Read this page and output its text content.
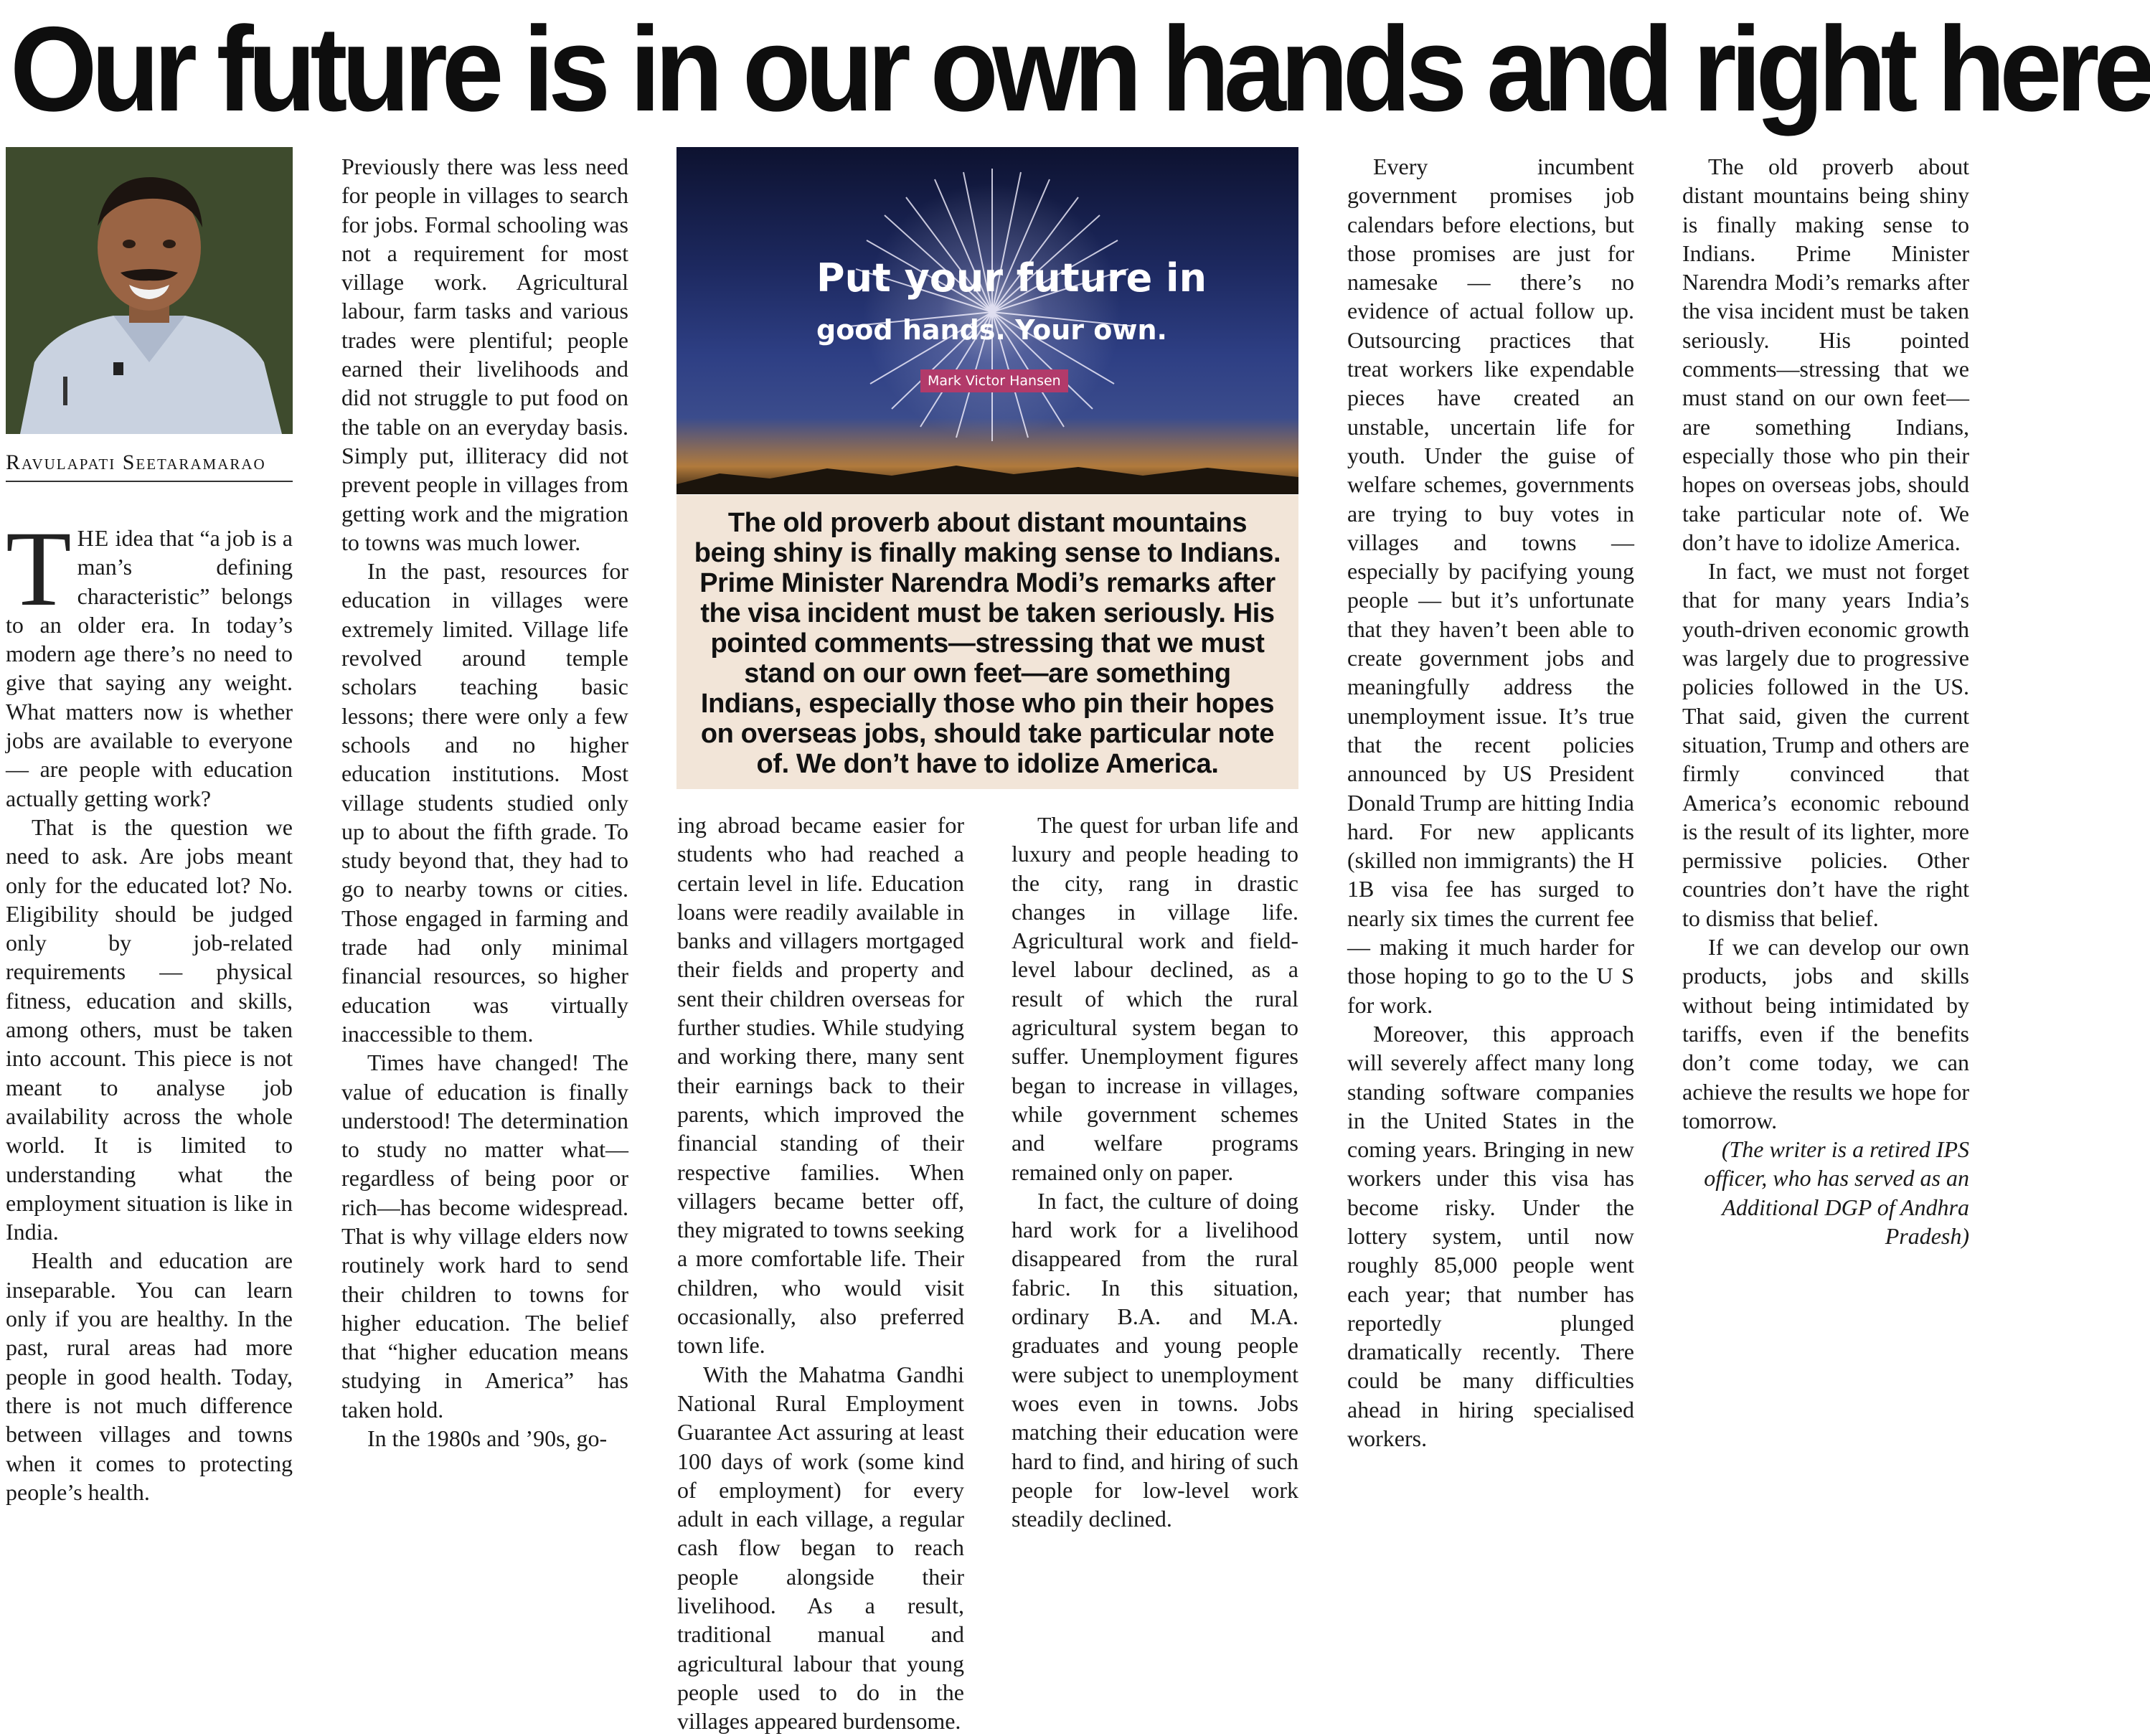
Our future is in our own hands and right here
Ravulapati Seetaramarao
Put your future in
good hands. Your own.
Mark Victor Hansen
The old proverb about distant mountains being shiny is finally making sense to Indians. Prime Minister Narendra Modi’s remarks after the visa incident must be taken seriously. His pointed comments—stressing that we must stand on our own feet—are something Indians, especially those who pin their hopes on overseas jobs, should take particular note of. We don’t have to idolize America.

THE idea that “a job is a man’s defining characteristic” belongs to an older era. In today’s modern age there’s no need to give that saying any weight. What matters now is whether jobs are available to everyone — are people with education actually getting work?

That is the question we need to ask. Are jobs meant only for the educated lot? No. Eligibility should be judged only by job-related requirements — physical fitness, education and skills, among others, must be taken into account. This piece is not meant to analyse job availability across the whole world. It is limited to understanding what the employment situation is like in India.

Health and education are inseparable. You can learn only if you are healthy. In the past, rural areas had more people in good health. Today, there is not much difference between villages and towns when it comes to protecting people’s health.

Previously there was less need for people in villages to search for jobs. Formal schooling was not a requirement for most village work. Agricultural labour, farm tasks and various trades were plentiful; people earned their livelihoods and did not struggle to put food on the table on an everyday basis. Simply put, illiteracy did not prevent people in villages from getting work and the migration to towns was much lower.

In the past, resources for education in villages were extremely limited. Village life revolved around temple scholars teaching basic lessons; there were only a few schools and no higher education institutions. Most village students studied only up to about the fifth grade. To study beyond that, they had to go to nearby towns or cities. Those engaged in farming and trade had only minimal financial resources, so higher education was virtually inaccessible to them.

Times have changed! The value of education is finally understood! The determination to study no matter what—regardless of being poor or rich—has become widespread. That is why village elders now routinely work hard to send their children to towns for higher education. The belief that “higher education means studying in America” has taken hold.

In the 1980s and ’90s, go-

ing abroad became easier for students who had reached a certain level in life. Education loans were readily available in banks and villagers mortgaged their fields and property and sent their children overseas for further studies. While studying and working there, many sent their earnings back to their parents, which improved the financial standing of their respective families. When villagers became better off, they migrated to towns seeking a more comfortable life. Their children, who would visit occasionally, also preferred town life.

With the Mahatma Gandhi National Rural Employment Guarantee Act assuring at least 100 days of work (some kind of employment) for every adult in each village, a regular cash flow began to reach people alongside their livelihood. As a result, traditional manual and agricultural labour that young people used to do in the villages appeared burdensome.

The quest for urban life and luxury and people heading to the city, rang in drastic changes in village life. Agricultural work and field-level labour declined, as a result of which the rural agricultural system began to suffer. Unemployment figures began to increase in villages, while government schemes and welfare programs remained only on paper.

In fact, the culture of doing hard work for a livelihood disappeared from the rural fabric. In this situation, ordinary B.A. and M.A. graduates and young people were subject to unemployment woes even in towns. Jobs matching their education were hard to find, and hiring of such people for low-level work steadily declined.

Every incumbent government promises job calendars before elections, but those promises are just for namesake — there’s no evidence of actual follow up. Outsourcing practices that treat workers like expendable pieces have created an unstable, uncertain life for youth. Under the guise of welfare schemes, governments are trying to buy votes in villages and towns — especially by pacifying young people — but it’s unfortunate that they haven’t been able to create government jobs and meaningfully address the unemployment issue. It’s true that the recent policies announced by US President Donald Trump are hitting India hard. For new applicants (skilled non immigrants) the H 1B visa fee has surged to nearly six times the current fee — making it much harder for those hoping to go to the U S for work.

Moreover, this approach will severely affect many long standing software companies in the United States in the coming years. Bringing in new workers under this visa has become risky. Under the lottery system, until now roughly 85,000 people went each year; that number has reportedly plunged dramatically recently. There could be many difficulties ahead in hiring specialised workers.

The old proverb about distant mountains being shiny is finally making sense to Indians. Prime Minister Narendra Modi’s remarks after the visa incident must be taken seriously. His pointed comments—stressing that we must stand on our own feet—are something Indians, especially those who pin their hopes on overseas jobs, should take particular note of. We don’t have to idolize America.

In fact, we must not forget that for many years India’s youth-driven economic growth was largely due to progressive policies followed in the US. That said, given the current situation, Trump and others are firmly convinced that America’s economic rebound is the result of its lighter, more permissive policies. Other countries don’t have the right to dismiss that belief.

If we can develop our own products, jobs and skills without being intimidated by tariffs, even if the benefits don’t come today, we can achieve the results we hope for tomorrow.

(The writer is a retired IPS officer, who has served as an Additional DGP of Andhra Pradesh)
